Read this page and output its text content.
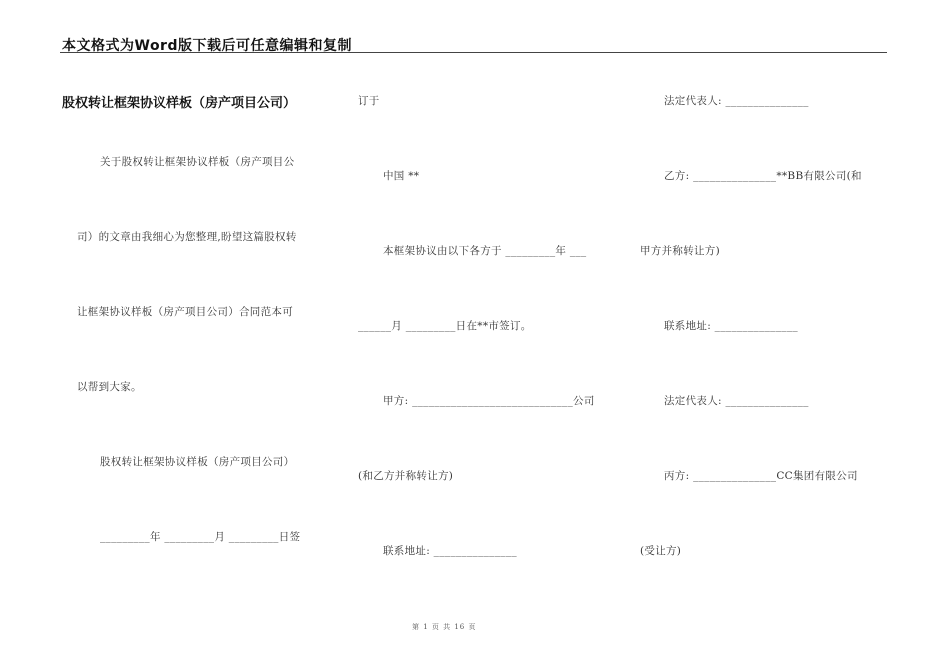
本文格式为Word版下载后可任意编辑和复制
股权转让框架协议样板（房产项目公司）
关于股权转让框架协议样板（房产项目公
司）的文章由我细心为您整理,盼望这篇股权转
让框架协议样板（房产项目公司）合同范本可
以帮到大家。
股权转让框架协议样板（房产项目公司）
_________年 _________月 _________日签
订于
中国 **
本框架协议由以下各方于 _________年 ___
______月 _________日在**市签订。
甲方: _____________________________公司
(和乙方并称转让方)
联系地址: _______________
法定代表人: _______________
乙方: _______________**BB有限公司(和
甲方并称转让方)
联系地址: _______________
法定代表人: _______________
丙方: _______________CC集团有限公司
(受让方)
第 1 页 共 16 页
